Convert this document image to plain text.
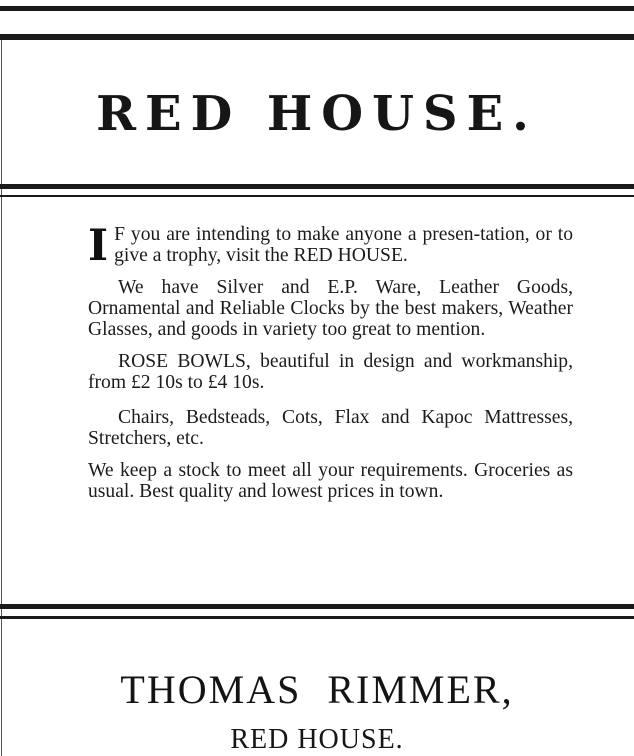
RED HOUSE.

I F you are intending to make anyone a presen-tation, or to give a trophy, visit the RED HOUSE.

We have Silver and E.P. Ware, Leather Goods, Ornamental and Reliable Clocks by the best makers, Weather Glasses, and goods in variety too great to mention.

ROSE BOWLS, beautiful in design and workmanship, from £2 10s to £4 10s.

Chairs, Bedsteads, Cots, Flax and Kapoc Mattresses, Stretchers, etc.

We keep a stock to meet all your requirements. Groceries as usual. Best quality and lowest prices in town.

THOMAS RIMMER,
RED HOUSE.
